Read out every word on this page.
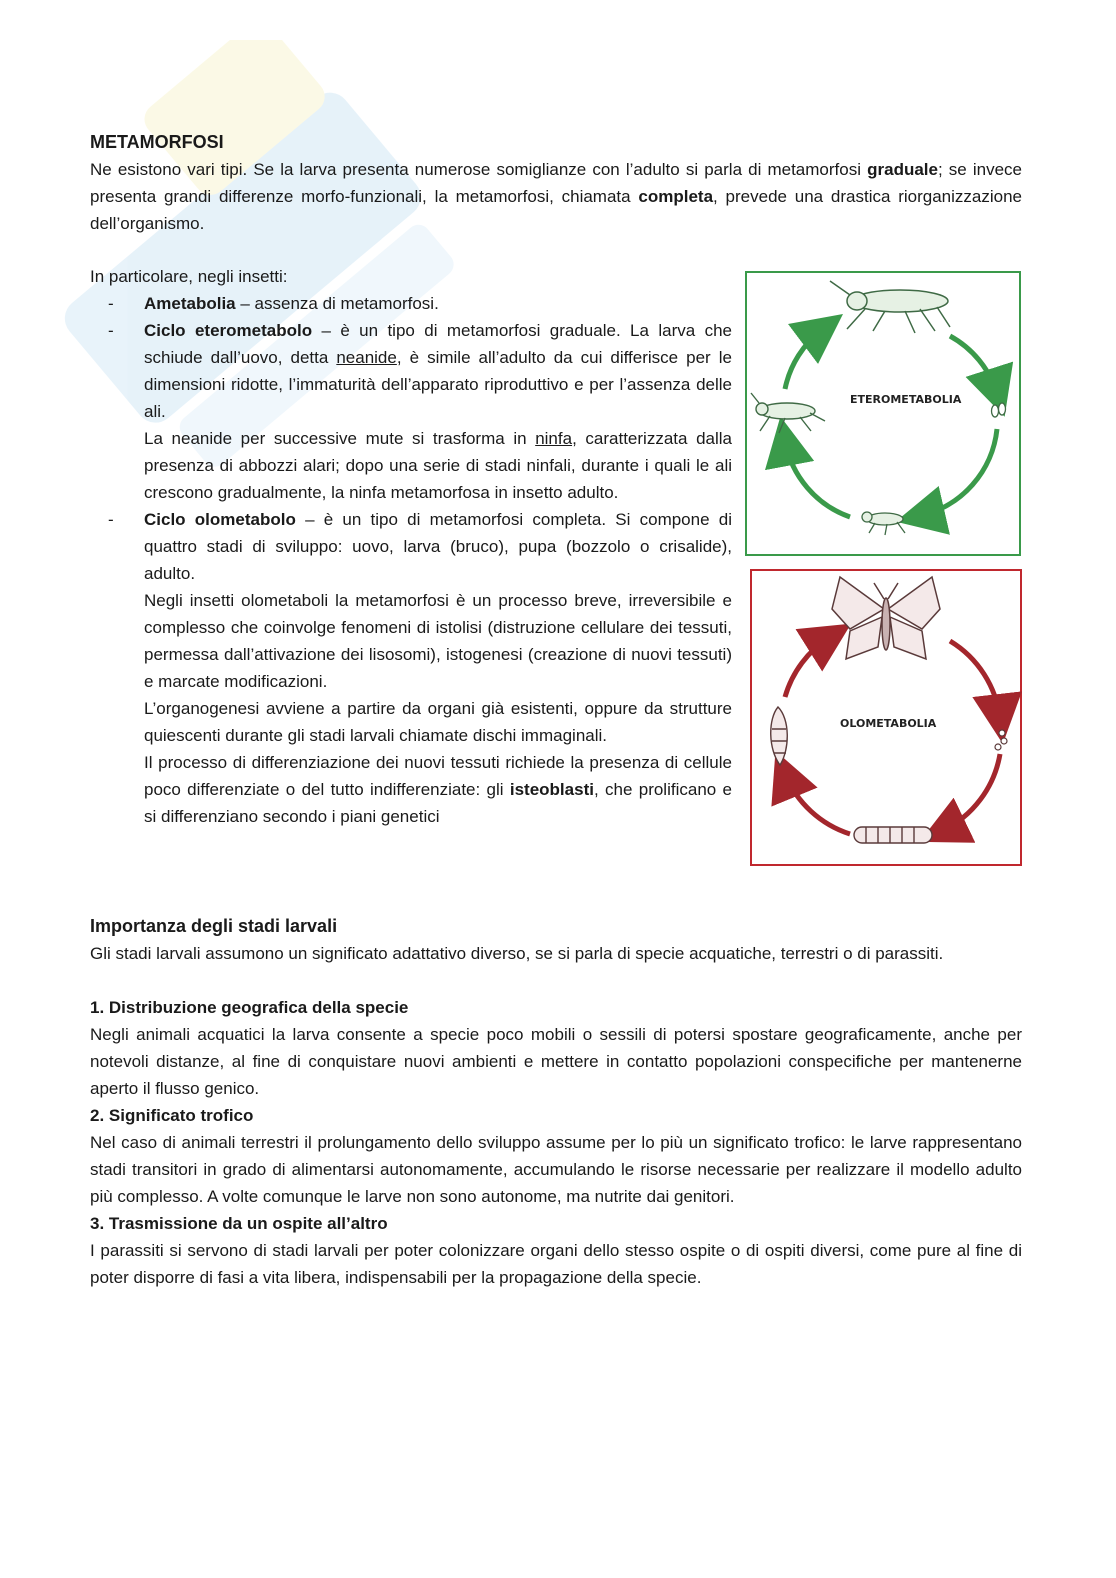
METAMORFOSI

Ne esistono vari tipi. Se la larva presenta numerose somiglianze con l’adulto si parla di metamorfosi graduale; se invece presenta grandi differenze morfo-funzionali, la metamorfosi, chiamata completa, prevede una drastica riorganizzazione dell’organismo.

In particolare, negli insetti:

- Ametabolia – assenza di metamorfosi.

- Ciclo eterometabolo – è un tipo di metamorfosi graduale. La larva che schiude dall’uovo, detta neanide, è simile all’adulto da cui differisce per le dimensioni ridotte, l’immaturità dell’apparato riproduttivo e per l’assenza delle ali.

La neanide per successive mute si trasforma in ninfa, caratterizzata dalla presenza di abbozzi alari; dopo una serie di stadi ninfali, durante i quali le ali crescono gradualmente, la ninfa metamorfosa in insetto adulto.

- Ciclo olometabolo – è un tipo di metamorfosi completa. Si compone di quattro stadi di sviluppo: uovo, larva (bruco), pupa (bozzolo o crisalide), adulto.

Negli insetti olometaboli la metamorfosi è un processo breve, irreversibile e complesso che coinvolge fenomeni di istolisi (distruzione cellulare dei tessuti, permessa dall’attivazione dei lisosomi), istogenesi (creazione di nuovi tessuti) e marcate modificazioni.

L’organogenesi avviene a partire da organi già esistenti, oppure da strutture quiescenti durante gli stadi larvali chiamate dischi immaginali.

Il processo di differenziazione dei nuovi tessuti richiede la presenza di cellule poco differenziate o del tutto indifferenziate: gli isteoblasti, che prolificano e si differenziano secondo i piani genetici

ETEROMETABOLIA
OLOMETABOLIA
Importanza degli stadi larvali

Gli stadi larvali assumono un significato adattativo diverso, se si parla di specie acquatiche, terrestri o di parassiti.

1. Distribuzione geografica della specie

Negli animali acquatici la larva consente a specie poco mobili o sessili di potersi spostare geograficamente, anche per notevoli distanze, al fine di conquistare nuovi ambienti e mettere in contatto popolazioni conspecifiche per mantenerne aperto il flusso genico.

2. Significato trofico

Nel caso di animali terrestri il prolungamento dello sviluppo assume per lo più un significato trofico: le larve rappresentano stadi transitori in grado di alimentarsi autonomamente, accumulando le risorse necessarie per realizzare il modello adulto più complesso. A volte comunque le larve non sono autonome, ma nutrite dai genitori.

3. Trasmissione da un ospite all’altro

I parassiti si servono di stadi larvali per poter colonizzare organi dello stesso ospite o di ospiti diversi, come pure al fine di poter disporre di fasi a vita libera, indispensabili per la propagazione della specie.
